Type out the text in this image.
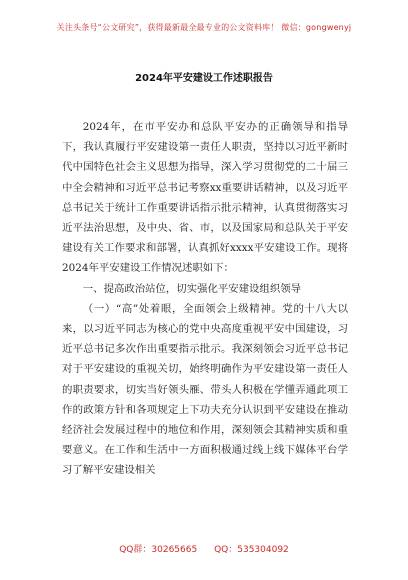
关注头条号“公文研究”，获得最新最全最专业的公文资料库！ 微信：gongwenyj
2024年平安建设工作述职报告

2024年，在市平安办和总队平安办的正确领导和指导下，我认真履行平安建设第一责任人职责，坚持以习近平新时代中国特色社会主义思想为指导，深入学习贯彻党的二十届三中全会精神和习近平总书记考察xx重要讲话精神，以及习近平总书记关于统计工作重要讲话指示批示精神，认真贯彻落实习近平法治思想，及中央、省、市，以及国家局和总队关于平安建设有关工作要求和部署，认真抓好xxxx平安建设工作。现将2024年平安建设工作情况述职如下：

一、提高政治站位，切实强化平安建设组织领导

（一）“高”处着眼，全面领会上级精神。党的十八大以来，以习近平同志为核心的党中央高度重视平安中国建设，习近平总书记多次作出重要指示批示。我深刻领会习近平总书记对于平安建设的重视关切，始终明确作为平安建设第一责任人的职责要求，切实当好领头雁、带头人积极在学懂弄通此项工作的政策方针和各项规定上下功夫充分认识到平安建设在推动经济社会发展过程中的地位和作用，深刻领会其精神实质和重要意义。在工作和生活中一方面积极通过线上线下媒体平台学习了解平安建设相关

QQ群：30265665 QQ：535304092
